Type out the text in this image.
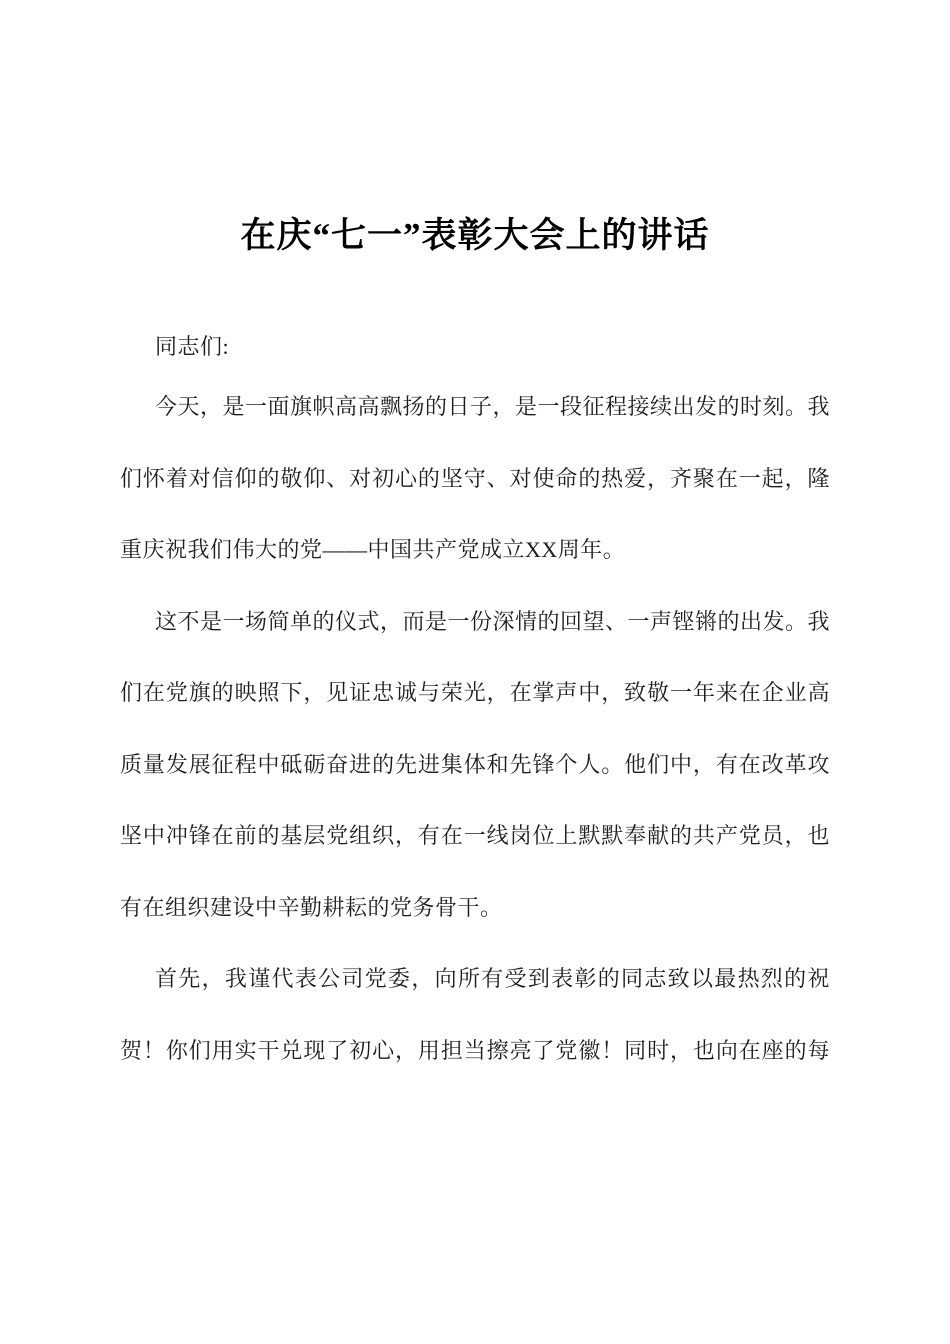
在庆“七一”表彰大会上的讲话

同志们:

今天，是一面旗帜高高飘扬的日子，是一段征程接续出发的时刻。我
们怀着对信仰的敬仰、对初心的坚守、对使命的热爱，齐聚在一起，隆
重庆祝我们伟大的党——中国共产党成立XX周年。

这不是一场简单的仪式，而是一份深情的回望、一声铿锵的出发。我
们在党旗的映照下，见证忠诚与荣光，在掌声中，致敬一年来在企业高
质量发展征程中砥砺奋进的先进集体和先锋个人。他们中，有在改革攻
坚中冲锋在前的基层党组织，有在一线岗位上默默奉献的共产党员，也
有在组织建设中辛勤耕耘的党务骨干。

首先，我谨代表公司党委，向所有受到表彰的同志致以最热烈的祝
贺！你们用实干兑现了初心，用担当擦亮了党徽！同时，也向在座的每
